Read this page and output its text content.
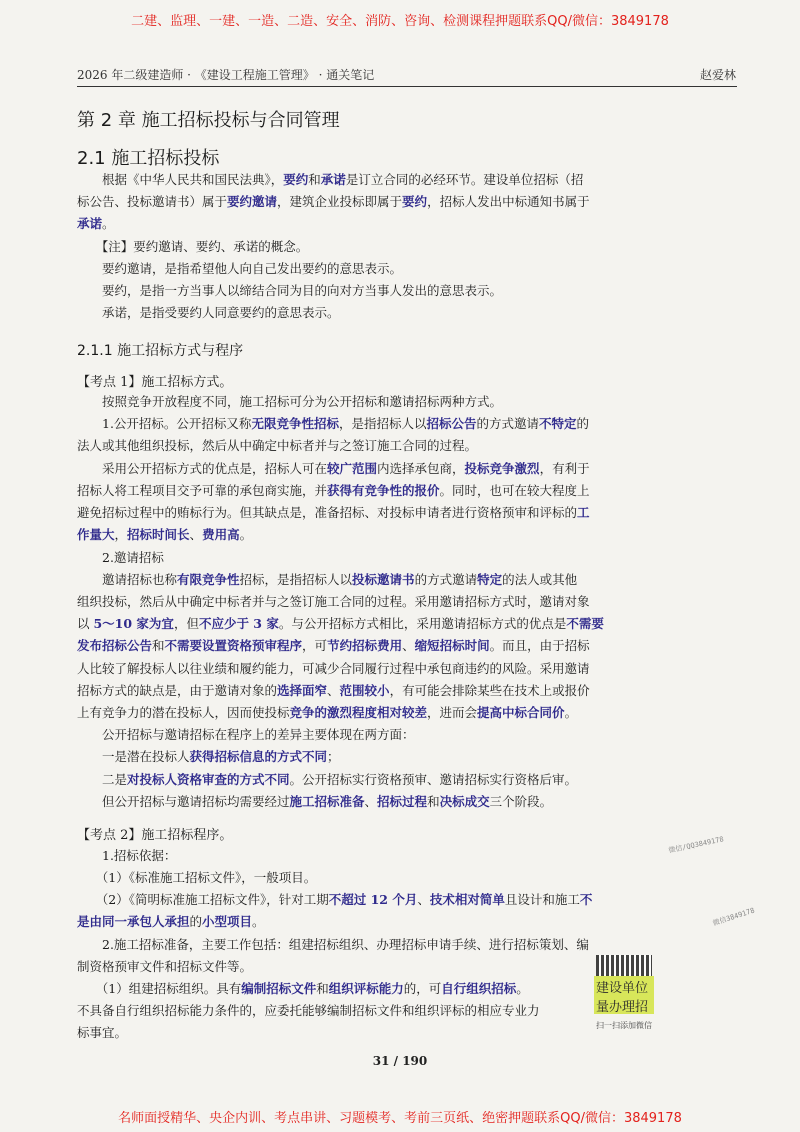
二建、监理、一建、一造、二造、安全、消防、咨询、检测课程押题联系QQ/微信：3849178
2026 年二级建造师 · 《建设工程施工管理》 · 通关笔记	赵爱林
第 2 章 施工招标投标与合同管理
2.1 施工招标投标
　　根据《中华人民共和国民法典》，要约和承诺是订立合同的必经环节。建设单位招标（招
标公告、投标邀请书）属于要约邀请，建筑企业投标即属于要约，招标人发出中标通知书属于
承诺。
　　【注】要约邀请、要约、承诺的概念。
　　要约邀请，是指希望他人向自己发出要约的意思表示。
　　要约，是指一方当事人以缔结合同为目的向对方当事人发出的意思表示。
　　承诺，是指受要约人同意要约的意思表示。
2.1.1 施工招标方式与程序
【考点 1】施工招标方式。
　　按照竞争开放程度不同，施工招标可分为公开招标和邀请招标两种方式。
　　1.公开招标。公开招标又称无限竞争性招标，是指招标人以招标公告的方式邀请不特定的
法人或其他组织投标，然后从中确定中标者并与之签订施工合同的过程。
　　采用公开招标方式的优点是，招标人可在较广范围内选择承包商，投标竞争激烈，有利于
招标人将工程项目交予可靠的承包商实施，并获得有竞争性的报价。同时，也可在较大程度上
避免招标过程中的贿标行为。但其缺点是，准备招标、对投标申请者进行资格预审和评标的工
作量大，招标时间长、费用高。
　　2.邀请招标
　　邀请招标也称有限竞争性招标，是指招标人以投标邀请书的方式邀请特定的法人或其他
组织投标，然后从中确定中标者并与之签订施工合同的过程。采用邀请招标方式时，邀请对象
以 5～10 家为宜，但不应少于 3 家。与公开招标方式相比，采用邀请招标方式的优点是不需要
发布招标公告和不需要设置资格预审程序，可节约招标费用、缩短招标时间。而且，由于招标
人比较了解投标人以往业绩和履约能力，可减少合同履行过程中承包商违约的风险。采用邀请
招标方式的缺点是，由于邀请对象的选择面窄、范围较小，有可能会排除某些在技术上或报价
上有竞争力的潜在投标人，因而使投标竞争的激烈程度相对较差，进而会提高中标合同价。
　　公开招标与邀请招标在程序上的差异主要体现在两方面：
　　一是潜在投标人获得招标信息的方式不同；
　　二是对投标人资格审查的方式不同。公开招标实行资格预审、邀请招标实行资格后审。
　　但公开招标与邀请招标均需要经过施工招标准备、招标过程和决标成交三个阶段。
【考点 2】施工招标程序。
　　1.招标依据：
　　（1）《标准施工招标文件》，一般项目。
　　（2）《简明标准施工招标文件》，针对工期不超过 12 个月、技术相对简单且设计和施工不
是由同一承包人承担的小型项目。
　　2.施工招标准备，主要工作包括：组建招标组织、办理招标申请手续、进行招标策划、编
制资格预审文件和招标文件等。
　　（1）组建招标组织。具有编制招标文件和组织评标能力的，可自行组织招标。
不具备自行组织招标能力条件的，应委托能够编制招标文件和组织评标的相应专业力
标事宜。
建设单位
量办理招
扫一扫添加微信
微信/QQ3849178
微信3849178
31 / 190
名师面授精华、央企内训、考点串讲、习题模考、考前三页纸、绝密押题联系QQ/微信：3849178
